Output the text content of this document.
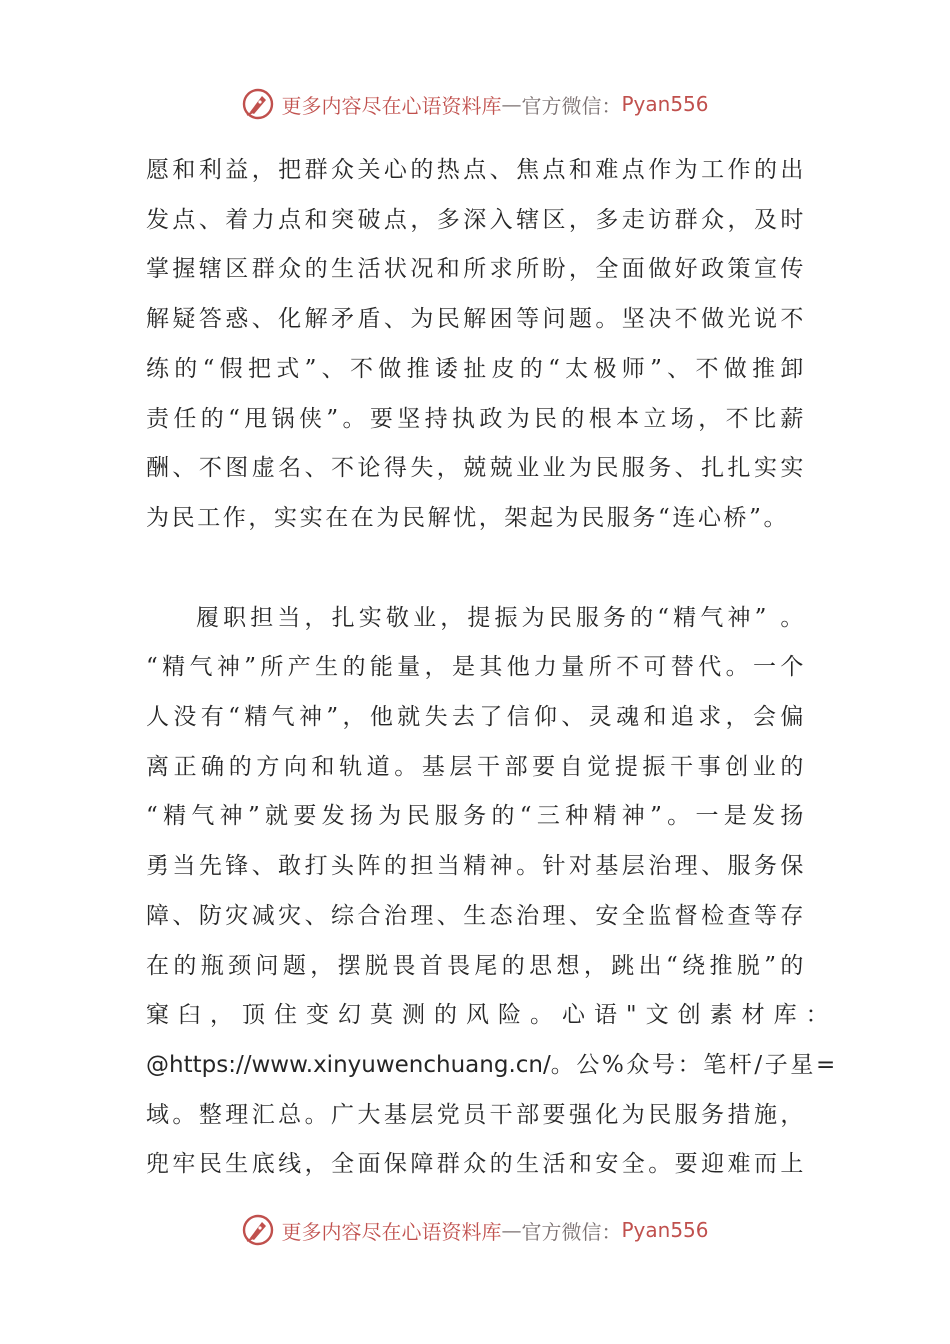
更多内容尽在心语资料库 — 官方微信： Pyan556

愿和利益，把群众关心的热点、焦点和难点作为工作的出
发点、着力点和突破点，多深入辖区，多走访群众，及时
掌握辖区群众的生活状况和所求所盼，全面做好政策宣传
解疑答惑、化解矛盾、为民解困等问题。坚决不做光说不
练的“假把式”、不做推诿扯皮的“太极师”、不做推卸
责任的“甩锅侠”。要坚持执政为民的根本立场，不比薪
酬、不图虚名、不论得失，兢兢业业为民服务、扎扎实实
为民工作，实实在在为民解忧，架起为民服务“连心桥”。

履职担当，扎实敬业，提振为民服务的“精气神” 。
“精气神”所产生的能量，是其他力量所不可替代。一个
人没有“精气神”，他就失去了信仰、灵魂和追求，会偏
离正确的方向和轨道。基层干部要自觉提振干事创业的
“精气神”就要发扬为民服务的“三种精神”。一是发扬
勇当先锋、敢打头阵的担当精神。针对基层治理、服务保
障、防灾减灾、综合治理、生态治理、安全监督检查等存
在的瓶颈问题，摆脱畏首畏尾的思想，跳出“绕推脱”的
窠臼，顶住变幻莫测的风险。心语"文创素材库：
@https://www.xinyuwenchuang.cn/。公%众号：笔杆/子星=
域。整理汇总。广大基层党员干部要强化为民服务措施，
兜牢民生底线，全面保障群众的生活和安全。要迎难而上

更多内容尽在心语资料库 — 官方微信： Pyan556
